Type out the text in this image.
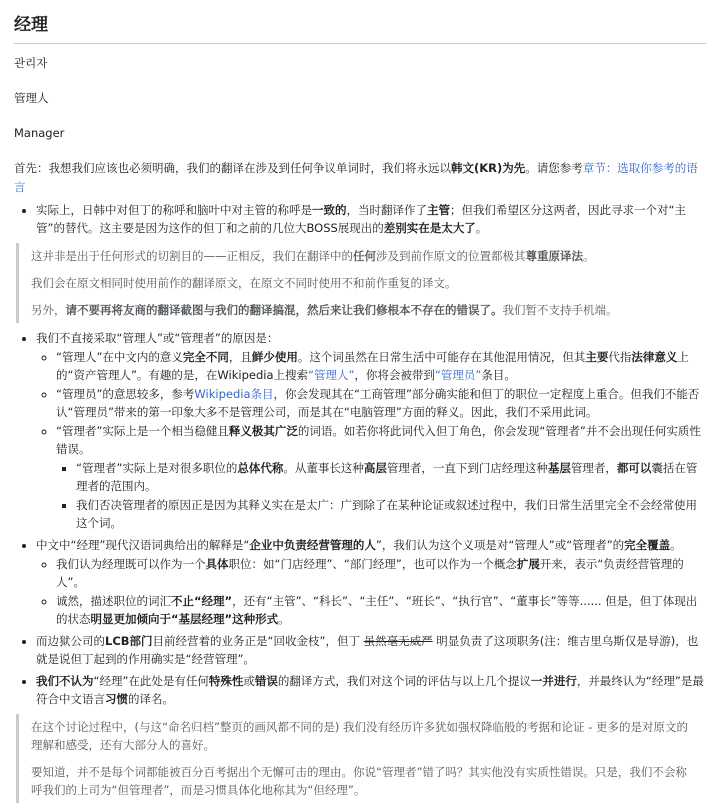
经理

관리자

管理人

Manager

首先：我想我们应该也必须明确，我们的翻译在涉及到任何争议单词时，我们将永远以韩文(KR)为先。请您参考章节：选取你参考的语言

• 实际上，日韩中对但丁的称呼和脑叶中对主管的称呼是一致的，当时翻译作了主管；但我们希望区分这两者，因此寻求一个对“主管”的替代。这主要是因为这作的但丁和之前的几位大BOSS展现出的差别实在是太大了。

这并非是出于任何形式的切割目的——正相反，我们在翻译中的任何涉及到前作原文的位置都极其尊重原译法。

我们会在原文相同时使用前作的翻译原文，在原文不同时使用不和前作重复的译文。

另外，请不要再将友商的翻译截图与我们的翻译搞混，然后来让我们修根本不存在的错误了。我们暂不支持手机端。

• 我们不直接采取“管理人”或“管理者”的原因是：
◦ “管理人”在中文内的意义完全不同，且鲜少使用。这个词虽然在日常生活中可能存在其他混用情况，但其主要代指法律意义上的“资产管理人”。有趣的是，在Wikipedia上搜索“管理人”，你将会被带到“管理员”条目。
◦ “管理员”的意思较多，参考Wikipedia条目，你会发现其在“工商管理”部分确实能和但丁的职位一定程度上重合。但我们不能否认“管理员”带来的第一印象大多不是管理公司，而是其在“电脑管理”方面的释义。因此，我们不采用此词。
◦ “管理者”实际上是一个相当稳健且释义极其广泛的词语。如若你将此词代入但丁角色，你会发现“管理者”并不会出现任何实质性错误。
▪ “管理者”实际上是对很多职位的总体代称。从董事长这种高层管理者，一直下到门店经理这种基层管理者，都可以囊括在管理者的范围内。
▪ 我们否决管理者的原因正是因为其释义实在是太广：广到除了在某种论证或叙述过程中，我们日常生活里完全不会经常使用这个词。
• 中文中“经理”现代汉语词典给出的解释是“企业中负责经营管理的人”，我们认为这个义项是对“管理人”或“管理者”的完全覆盖。
◦ 我们认为经理既可以作为一个具体职位：如“门店经理”、“部门经理”，也可以作为一个概念扩展开来，表示“负责经营管理的人”。
◦ 诚然，描述职位的词汇不止“经理”，还有“主管”、“科长”、“主任”、“班长”、“执行官”、“董事长”等等...... 但是，但丁体现出的状态明显更加倾向于“基层经理”这种形式。
• 而边狱公司的LCB部门目前经营着的业务正是“回收金枝”，但丁 虽然毫无威严 明显负责了这项职务(注：维吉里乌斯仅是导游)，也就是说但丁起到的作用确实是“经营管理”。
• 我们不认为“经理”在此处是有任何特殊性或错误的翻译方式，我们对这个词的评估与以上几个提议一并进行，并最终认为“经理”是最符合中文语言习惯的译名。

在这个讨论过程中，(与这“命名归档”整页的画风都不同的是) 我们没有经历许多犹如强权降临般的考据和论证 - 更多的是对原文的理解和感受，还有大部分人的喜好。

要知道，并不是每个词都能被百分百考据出个无懈可击的理由。你说“管理者”错了吗？其实他没有实质性错误。只是，我们不会称呼我们的上司为“但管理者”，而是习惯具体化地称其为“但经理”。
